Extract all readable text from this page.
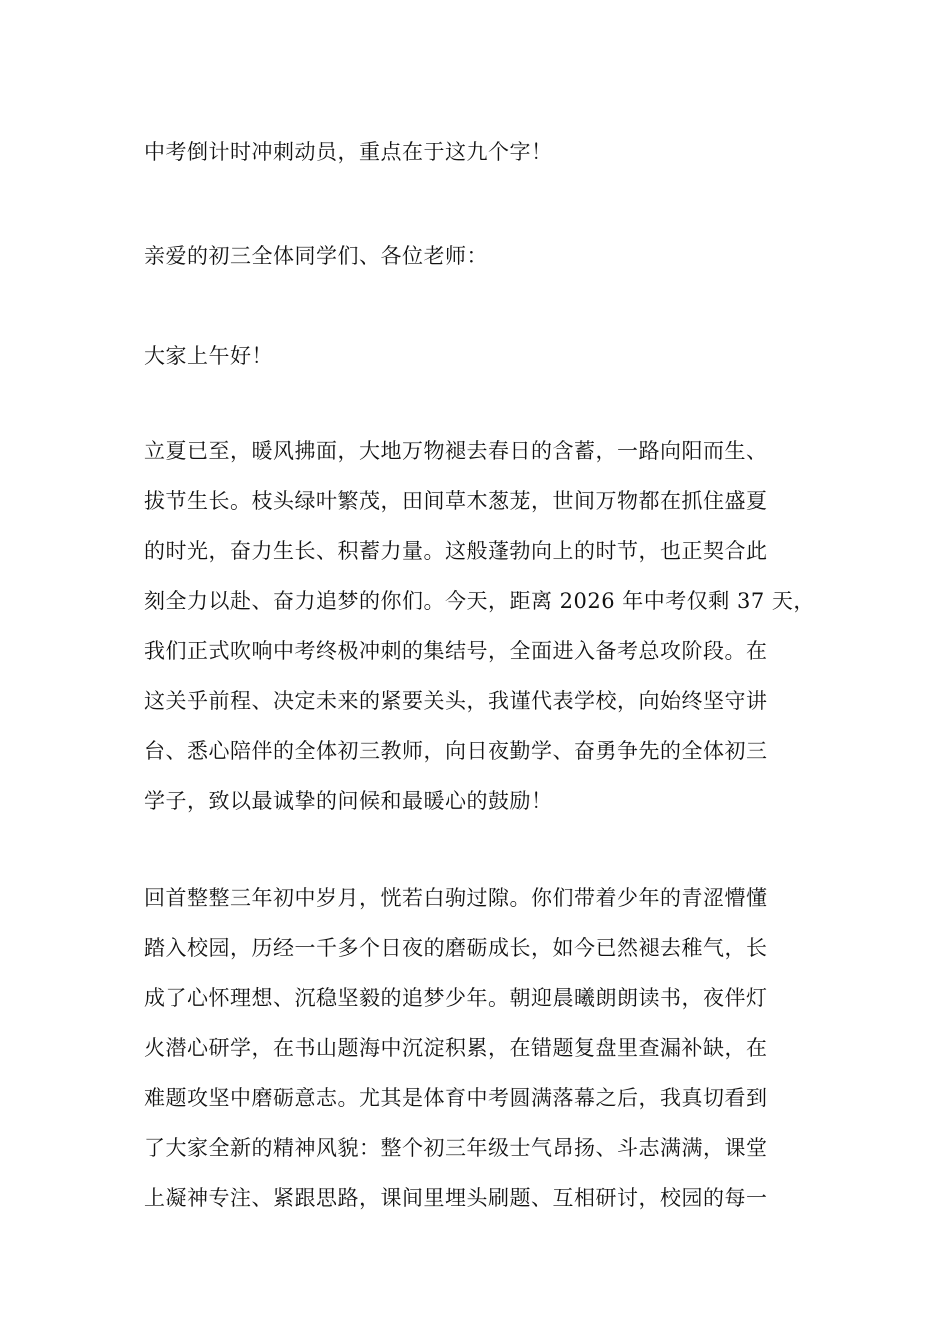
中考倒计时冲刺动员，重点在于这九个字！
亲爱的初三全体同学们、各位老师：
大家上午好！
立夏已至，暖风拂面，大地万物褪去春日的含蓄，一路向阳而生、
拔节生长。枝头绿叶繁茂，田间草木葱茏，世间万物都在抓住盛夏
的时光，奋力生长、积蓄力量。这般蓬勃向上的时节，也正契合此
刻全力以赴、奋力追梦的你们。今天，距离 2026 年中考仅剩 37 天，
我们正式吹响中考终极冲刺的集结号，全面进入备考总攻阶段。在
这关乎前程、决定未来的紧要关头，我谨代表学校，向始终坚守讲
台、悉心陪伴的全体初三教师，向日夜勤学、奋勇争先的全体初三
学子，致以最诚挚的问候和最暖心的鼓励！
回首整整三年初中岁月，恍若白驹过隙。你们带着少年的青涩懵懂
踏入校园，历经一千多个日夜的磨砺成长，如今已然褪去稚气，长
成了心怀理想、沉稳坚毅的追梦少年。朝迎晨曦朗朗读书，夜伴灯
火潜心研学，在书山题海中沉淀积累，在错题复盘里查漏补缺，在
难题攻坚中磨砺意志。尤其是体育中考圆满落幕之后，我真切看到
了大家全新的精神风貌：整个初三年级士气昂扬、斗志满满，课堂
上凝神专注、紧跟思路，课间里埋头刷题、互相研讨，校园的每一
